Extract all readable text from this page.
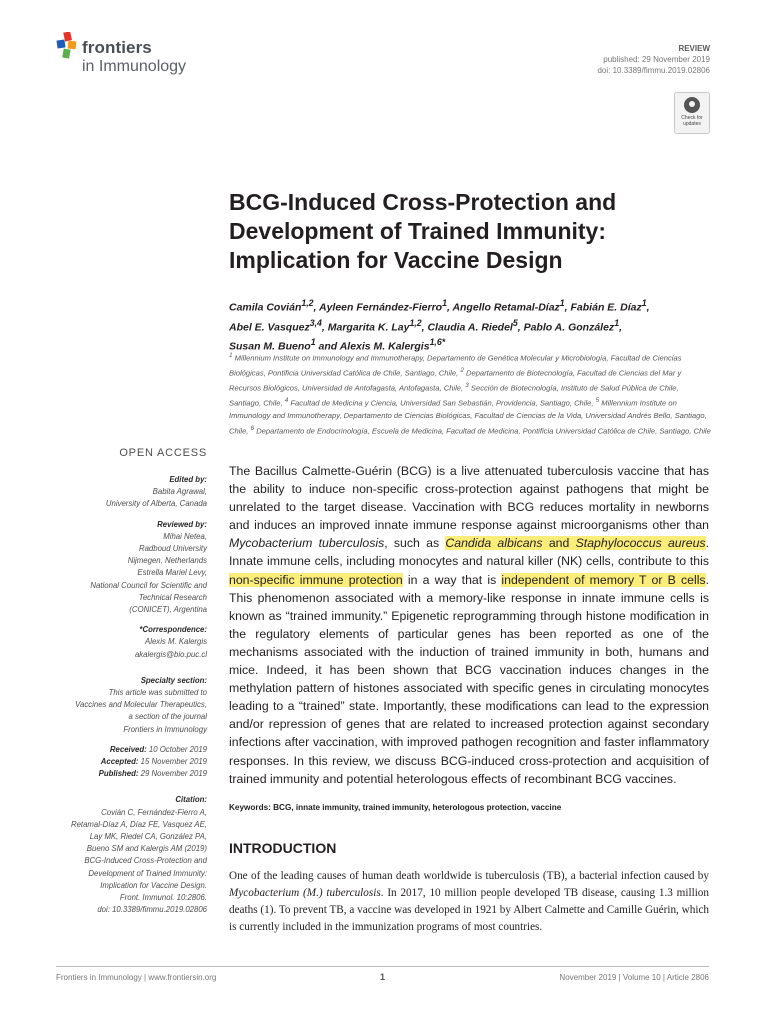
frontiers
in Immunology
REVIEW
published: 29 November 2019
doi: 10.3389/fimmu.2019.02806
Check for updates
BCG-Induced Cross-Protection and
Development of Trained Immunity:
Implication for Vaccine Design
Camila Covián$^{1,2}$, Ayleen Fernández-Fierro$^1$, Angello Retamal-Díaz$^1$, Fabián E. Díaz$^1$,
Abel E. Vasquez$^{3,4}$, Margarita K. Lay$^{1,2}$, Claudia A. Riedel$^5$, Pablo A. González$^1$,
Susan M. Bueno$^1$ and Alexis M. Kalergis$^{1,6*}$
$^1$ Millennium Institute on Immunology and Immunotherapy, Departamento de Genética Molecular y Microbiología, Facultad de Ciencias Biológicas, Pontificia Universidad Católica de Chile, Santiago, Chile, $^2$ Departamento de Biotecnología, Facultad de Ciencias del Mar y Recursos Biológicos, Universidad de Antofagasta, Antofagasta, Chile, $^3$ Sección de Biotecnología, Instituto de Salud Pública de Chile, Santiago, Chile, $^4$ Facultad de Medicina y Ciencia, Universidad San Sebastián, Providencia, Santiago, Chile, $^5$ Millennium Institute on Immunology and Immunotherapy, Departamento de Ciencias Biológicas, Facultad de Ciencias de la Vida, Universidad Andrés Bello, Santiago, Chile, $^6$ Departamento de Endocrinología, Escuela de Medicina, Facultad de Medicina, Pontificia Universidad Católica de Chile, Santiago, Chile
OPEN ACCESS
Edited by:
Babita Agrawal,
University of Alberta, Canada
Reviewed by:
Mihai Netea,
Radboud University
Nijmegen, Netherlands
Estrella Mariel Levy,
National Council for Scientific and
Technical Research
(CONICET), Argentina
*Correspondence:
Alexis M. Kalergis
akalergis@bio.puc.cl
Specialty section:
This article was submitted to
Vaccines and Molecular Therapeutics,
a section of the journal
Frontiers in Immunology
Received: 10 October 2019
Accepted: 15 November 2019
Published: 29 November 2019
Citation:
Covián C, Fernández-Fierro A,
Retamal-Díaz A, Díaz FE, Vasquez AE,
Lay MK, Riedel CA, González PA,
Bueno SM and Kalergis AM (2019)
BCG-Induced Cross-Protection and
Development of Trained Immunity:
Implication for Vaccine Design.
Front. Immunol. 10:2806.
doi: 10.3389/fimmu.2019.02806
The Bacillus Calmette-Guérin (BCG) is a live attenuated tuberculosis vaccine that has the ability to induce non-specific cross-protection against pathogens that might be unrelated to the target disease. Vaccination with BCG reduces mortality in newborns and induces an improved innate immune response against microorganisms other than Mycobacterium tuberculosis, such as Candida albicans and Staphylococcus aureus. Innate immune cells, including monocytes and natural killer (NK) cells, contribute to this non-specific immune protection in a way that is independent of memory T or B cells. This phenomenon associated with a memory-like response in innate immune cells is known as “trained immunity.” Epigenetic reprogramming through histone modification in the regulatory elements of particular genes has been reported as one of the mechanisms associated with the induction of trained immunity in both, humans and mice. Indeed, it has been shown that BCG vaccination induces changes in the methylation pattern of histones associated with specific genes in circulating monocytes leading to a “trained” state. Importantly, these modifications can lead to the expression and/or repression of genes that are related to increased protection against secondary infections after vaccination, with improved pathogen recognition and faster inflammatory responses. In this review, we discuss BCG-induced cross-protection and acquisition of trained immunity and potential heterologous effects of recombinant BCG vaccines.
Keywords: BCG, innate immunity, trained immunity, heterologous protection, vaccine
INTRODUCTION
One of the leading causes of human death worldwide is tuberculosis (TB), a bacterial infection caused by Mycobacterium (M.) tuberculosis. In 2017, 10 million people developed TB disease, causing 1.3 million deaths (1). To prevent TB, a vaccine was developed in 1921 by Albert Calmette and Camille Guérin, which is currently included in the immunization programs of most countries.
Frontiers in Immunology | www.frontiersin.org	1	November 2019 | Volume 10 | Article 2806
